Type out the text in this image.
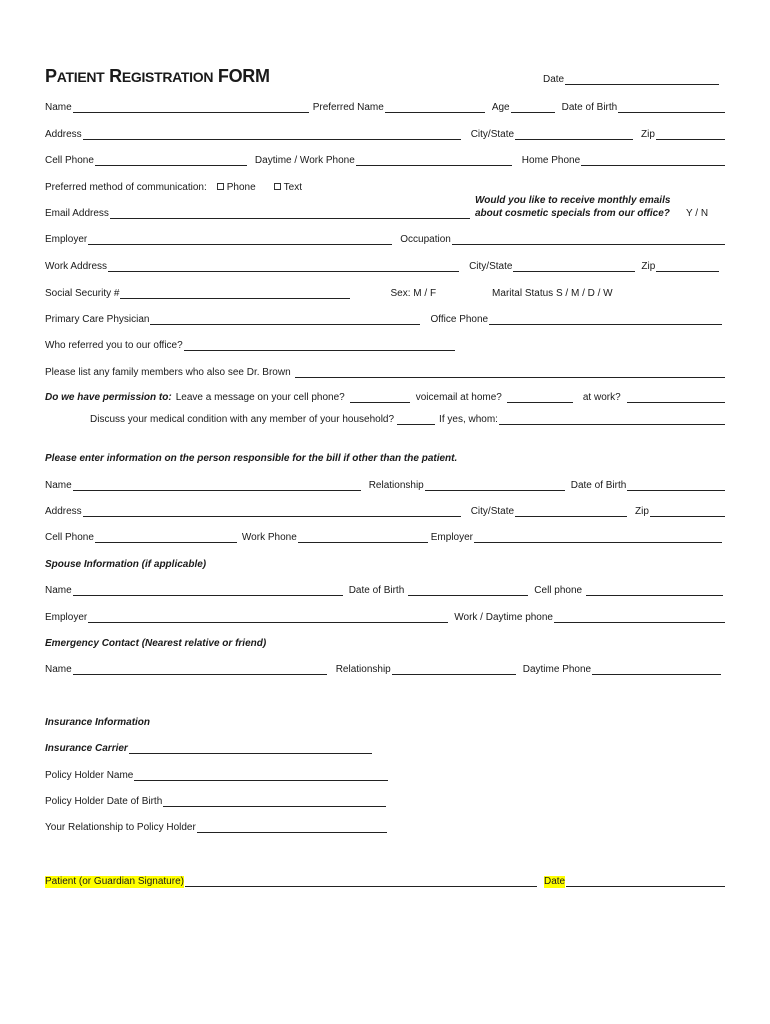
PATIENT REGISTRATION FORM	Date
Name	Preferred Name	Age	Date of Birth
Address	City/State	Zip
Cell Phone	Daytime / Work Phone	Home Phone
Preferred method of communication:	Phone	Text
Would you like to receive monthly emails
about cosmetic specials from our office? Y / N
Email Address
Employer	Occupation
Work Address	City/State	Zip
Social Security #	Sex: M / F	Marital Status S / M / D / W
Primary Care Physician	Office Phone
Who referred you to our office?
Please list any family members who also see Dr. Brown
Do we have permission to: Leave a message on your cell phone?	voicemail at home?	at work?
Discuss your medical condition with any member of your household?	If yes, whom:
Please enter information on the person responsible for the bill if other than the patient.
Name	Relationship	Date of Birth
Address	City/State	Zip
Cell Phone	Work Phone	Employer
Spouse Information (if applicable)
Name	Date of Birth	Cell phone
Employer	Work / Daytime phone
Emergency Contact (Nearest relative or friend)
Name	Relationship	Daytime Phone
Insurance Information
Insurance Carrier
Policy Holder Name
Policy Holder Date of Birth
Your Relationship to Policy Holder
Patient (or Guardian Signature)	Date
